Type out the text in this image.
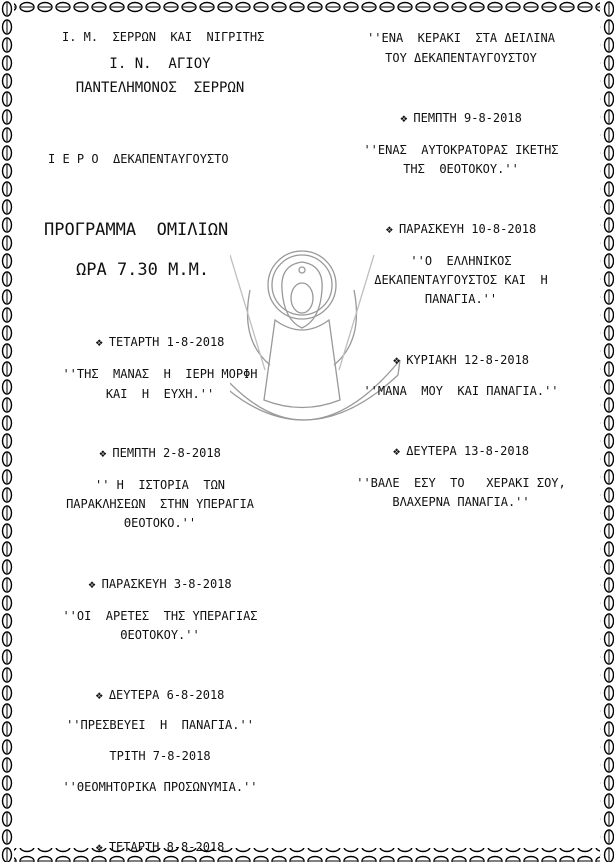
Ι. Μ.  ΣΕΡΡΩΝ  ΚΑΙ  ΝΙΓΡΙΤΗΣ
Ι. Ν.  ΑΓΙΟΥ
ΠΑΝΤΕΛΗΜΟΝΟΣ  ΣΕΡΡΩΝ
Ι Ε Ρ Ο  ΔΕΚΑΠΕΝΤΑΥΓΟΥΣΤΟ
ΠΡΟΓΡΑΜΜΑ  ΟΜΙΛΙΩΝ
ΩΡΑ 7.30 Μ.Μ.
❖ ΤΕΤΑΡΤΗ 1-8-2018
''ΤΗΣ  ΜΑΝΑΣ  Η  ΙΕΡΗ ΜΟΡΦΗ
ΚΑΙ  Η  ΕΥΧΗ.''
❖ ΠΕΜΠΤΗ 2-8-2018
'' Η  ΙΣΤΟΡΙΑ  ΤΩΝ
ΠΑΡΑΚΛΗΣΕΩΝ  ΣΤΗΝ ΥΠΕΡΑΓΙΑ
ΘΕΟΤΟΚΟ.''
❖ ΠΑΡΑΣΚΕΥΗ 3-8-2018
''ΟΙ  ΑΡΕΤΕΣ  ΤΗΣ ΥΠΕΡΑΓΙΑΣ
ΘΕΟΤΟΚΟΥ.''
❖ ΔΕΥΤΕΡΑ 6-8-2018
''ΠΡΕΣΒΕΥΕΙ  Η  ΠΑΝΑΓΙΑ.''
ΤΡΙΤΗ 7-8-2018
''ΘΕΟΜΗΤΟΡΙΚΑ ΠΡΟΣΩΝΥΜΙΑ.''
❖ ΤΕΤΑΡΤΗ 8-8-2018
''ΕΝΑ  ΚΕΡΑΚΙ  ΣΤΑ ΔΕΙΛΙΝΑ
ΤΟΥ ΔΕΚΑΠΕΝΤΑΥΓΟΥΣΤΟΥ
❖ ΠΕΜΠΤΗ 9-8-2018
''ΕΝΑΣ  ΑΥΤΟΚΡΑΤΟΡΑΣ ΙΚΕΤΗΣ
ΤΗΣ  ΘΕΟΤΟΚΟΥ.''
❖ ΠΑΡΑΣΚΕΥΗ 10-8-2018
''Ο  ΕΛΛΗΝΙΚΟΣ
ΔΕΚΑΠΕΝΤΑΥΓΟΥΣΤΟΣ ΚΑΙ  Η
ΠΑΝΑΓΙΑ.''
❖ ΚΥΡΙΑΚΗ 12-8-2018
''ΜΑΝΑ  ΜΟΥ  ΚΑΙ ΠΑΝΑΓΙΑ.''
❖ ΔΕΥΤΕΡΑ 13-8-2018
''ΒΑΛΕ  ΕΣΥ  ΤΟ   ΧΕΡΑΚΙ ΣΟΥ,
ΒΛΑΧΕΡΝΑ ΠΑΝΑΓΙΑ.''
